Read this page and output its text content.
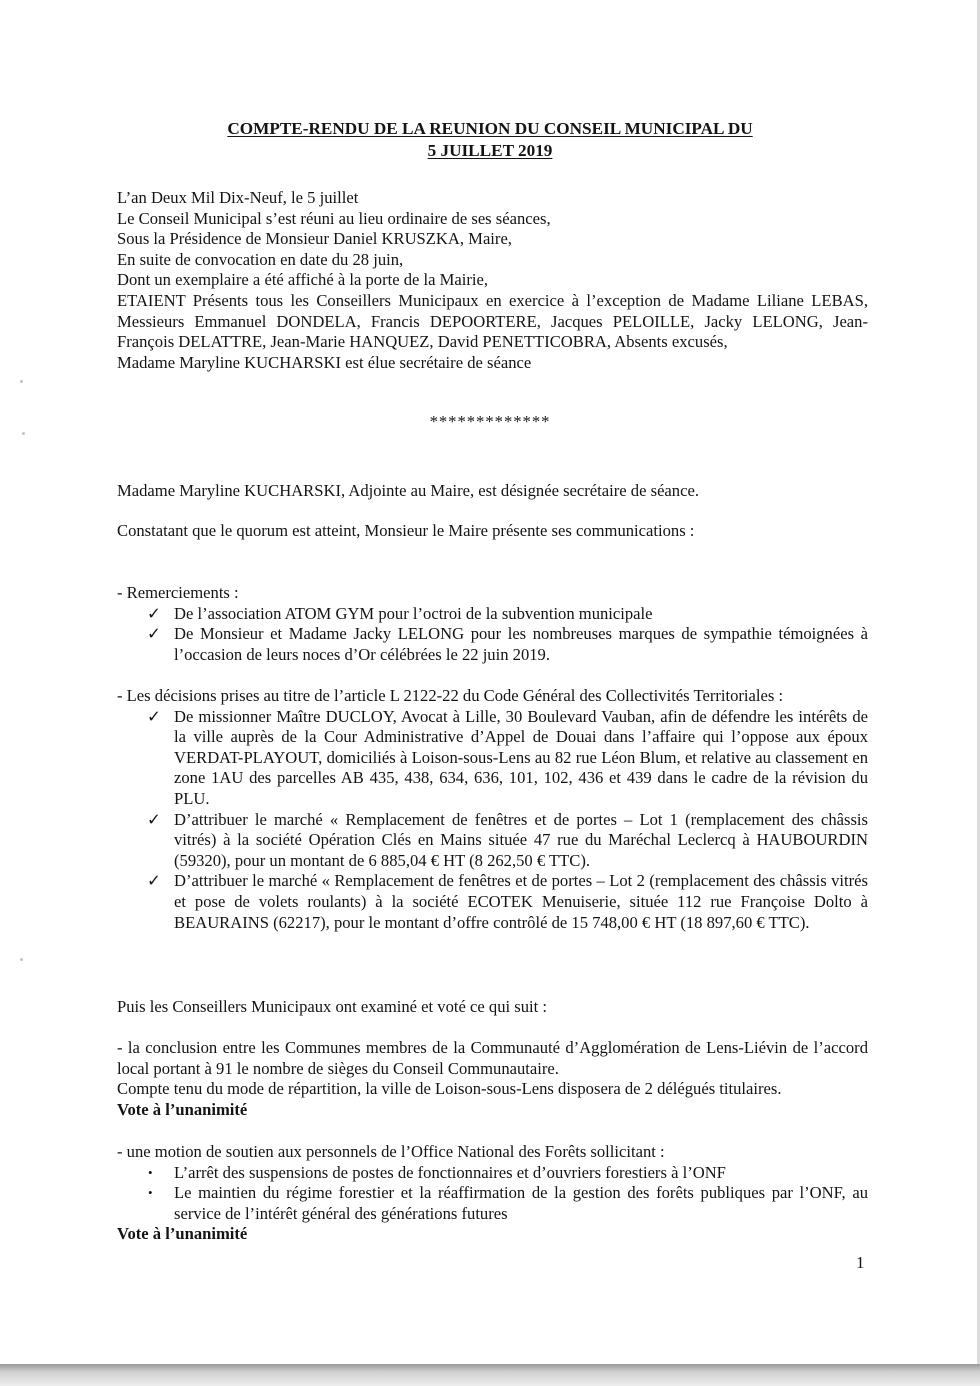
COMPTE-RENDU DE LA REUNION DU CONSEIL MUNICIPAL DU
5 JUILLET 2019
L’an Deux Mil Dix-Neuf, le 5 juillet
Le Conseil Municipal s’est réuni au lieu ordinaire de ses séances,
Sous la Présidence de Monsieur Daniel KRUSZKA, Maire,
En suite de convocation en date du 28 juin,
Dont un exemplaire a été affiché à la porte de la Mairie,
ETAIENT Présents tous les Conseillers Municipaux en exercice à l’exception de Madame Liliane LEBAS, Messieurs Emmanuel DONDELA, Francis DEPOORTERE, Jacques PELOILLE, Jacky LELONG, Jean-François DELATTRE, Jean-Marie HANQUEZ, David PENETTICOBRA, Absents excusés,
Madame Maryline KUCHARSKI est élue secrétaire de séance
*************
Madame Maryline KUCHARSKI, Adjointe au Maire, est désignée secrétaire de séance.
Constatant que le quorum est atteint, Monsieur le Maire présente ses communications :
- Remerciements :
✓ De l’association ATOM GYM pour l’octroi de la subvention municipale
✓ De Monsieur et Madame Jacky LELONG pour les nombreuses marques de sympathie témoignées à l’occasion de leurs noces d’Or célébrées le 22 juin 2019.
- Les décisions prises au titre de l’article L 2122-22 du Code Général des Collectivités Territoriales :
✓ De missionner Maître DUCLOY, Avocat à Lille, 30 Boulevard Vauban, afin de défendre les intérêts de la ville auprès de la Cour Administrative d’Appel de Douai dans l’affaire qui l’oppose aux époux VERDAT-PLAYOUT, domiciliés à Loison-sous-Lens au 82 rue Léon Blum, et relative au classement en zone 1AU des parcelles AB 435, 438, 634, 636, 101, 102, 436 et 439 dans le cadre de la révision du PLU.
✓ D’attribuer le marché « Remplacement de fenêtres et de portes – Lot 1 (remplacement des châssis vitrés) à la société Opération Clés en Mains située 47 rue du Maréchal Leclercq à HAUBOURDIN (59320), pour un montant de 6 885,04 € HT (8 262,50 € TTC).
✓ D’attribuer le marché « Remplacement de fenêtres et de portes – Lot 2 (remplacement des châssis vitrés et pose de volets roulants) à la société ECOTEK Menuiserie, située 112 rue Françoise Dolto à BEAURAINS (62217), pour le montant d’offre contrôlé de 15 748,00 € HT (18 897,60 € TTC).
Puis les Conseillers Municipaux ont examiné et voté ce qui suit :
- la conclusion entre les Communes membres de la Communauté d’Agglomération de Lens-Liévin de l’accord local portant à 91 le nombre de sièges du Conseil Communautaire.
Compte tenu du mode de répartition, la ville de Loison-sous-Lens disposera de 2 délégués titulaires.
Vote à l’unanimité
- une motion de soutien aux personnels de l’Office National des Forêts sollicitant :
• L’arrêt des suspensions de postes de fonctionnaires et d’ouvriers forestiers à l’ONF
• Le maintien du régime forestier et la réaffirmation de la gestion des forêts publiques par l’ONF, au service de l’intérêt général des générations futures
Vote à l’unanimité
1
